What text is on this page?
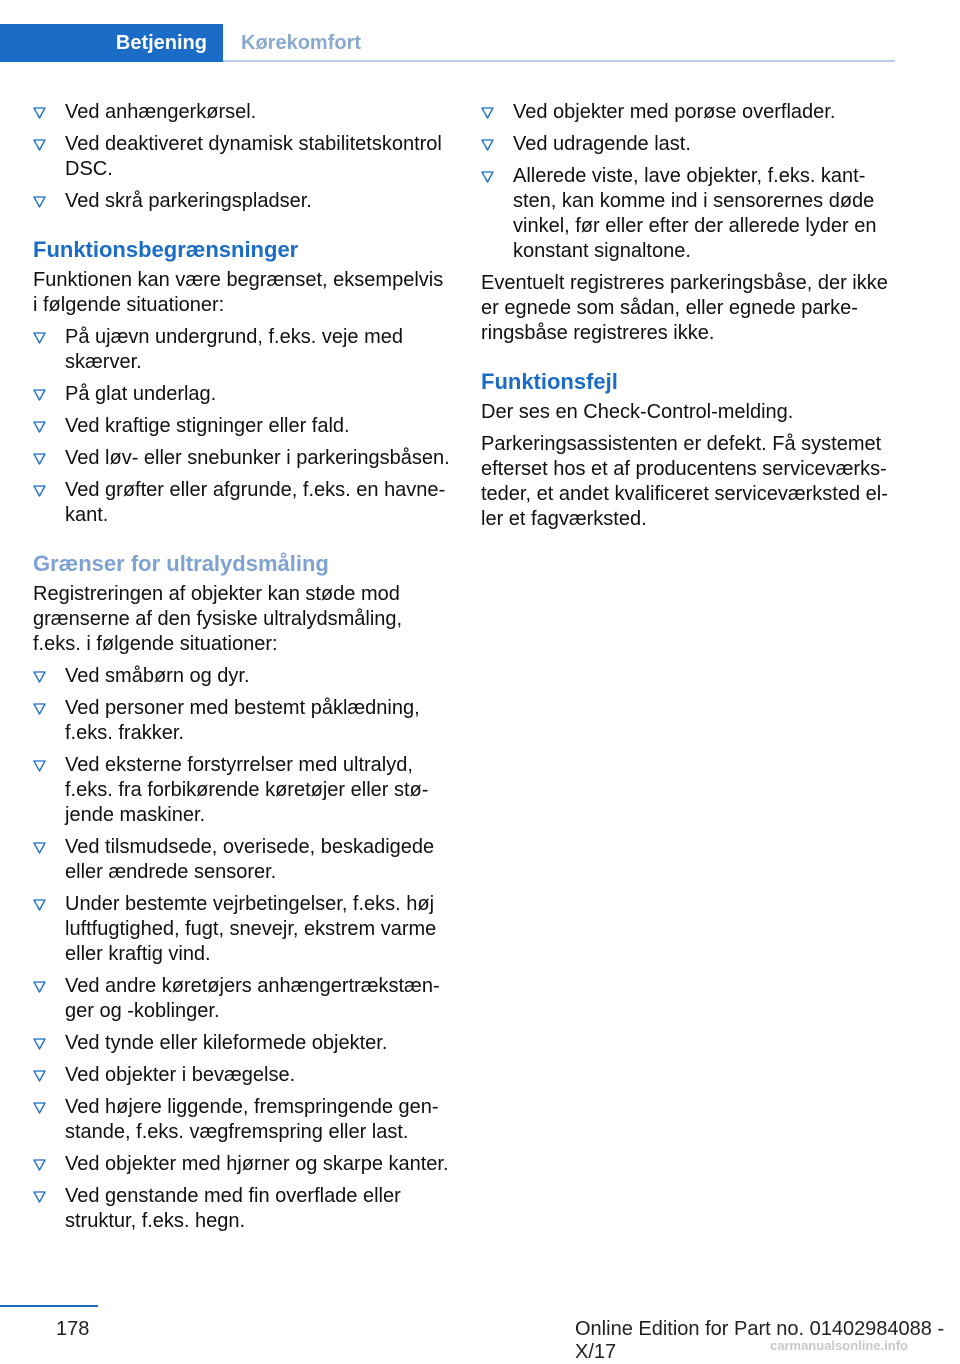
Betjening	Kørekomfort
Ved anhængerkørsel.
Ved deaktiveret dynamisk stabilitetskontrol DSC.
Ved skrå parkeringspladser.
Funktionsbegrænsninger

Funktionen kan være begrænset, eksempelvis i følgende situationer:

På ujævn undergrund, f.eks. veje med skærver.
På glat underlag.
Ved kraftige stigninger eller fald.
Ved løv- eller snebunker i parkeringsbåsen.
Ved grøfter eller afgrunde, f.eks. en havnekant.
Grænser for ultralydsmåling

Registreringen af objekter kan støde mod grænserne af den fysiske ultralydsmåling, f.eks. i følgende situationer:

Ved småbørn og dyr.
Ved personer med bestemt påklædning, f.eks. frakker.
Ved eksterne forstyrrelser med ultralyd, f.eks. fra forbikørende køretøjer eller støjende maskiner.
Ved tilsmudsede, overisede, beskadigede eller ændrede sensorer.
Under bestemte vejrbetingelser, f.eks. høj luftfugtighed, fugt, snevejr, ekstrem varme eller kraftig vind.
Ved andre køretøjers anhængertrækstænger og -koblinger.
Ved tynde eller kileformede objekter.
Ved objekter i bevægelse.
Ved højere liggende, fremspringende genstande, f.eks. vægfremspring eller last.
Ved objekter med hjørner og skarpe kanter.
Ved genstande med fin overflade eller struktur, f.eks. hegn.
Ved objekter med porøse overflader.
Ved udragende last.
Allerede viste, lave objekter, f.eks. kantsten, kan komme ind i sensorernes døde vinkel, før eller efter der allerede lyder en konstant signaltone.

Eventuelt registreres parkeringsbåse, der ikke er egnede som sådan, eller egnede parkeringsbåse registreres ikke.

Funktionsfejl

Der ses en Check-Control-melding.

Parkeringsassistenten er defekt. Få systemet efterset hos et af producentens serviceværksteder, et andet kvalificeret serviceværksted eller et fagværksted.

178	Online Edition for Part no. 01402984088 - X/17	carmanualsonline.info
